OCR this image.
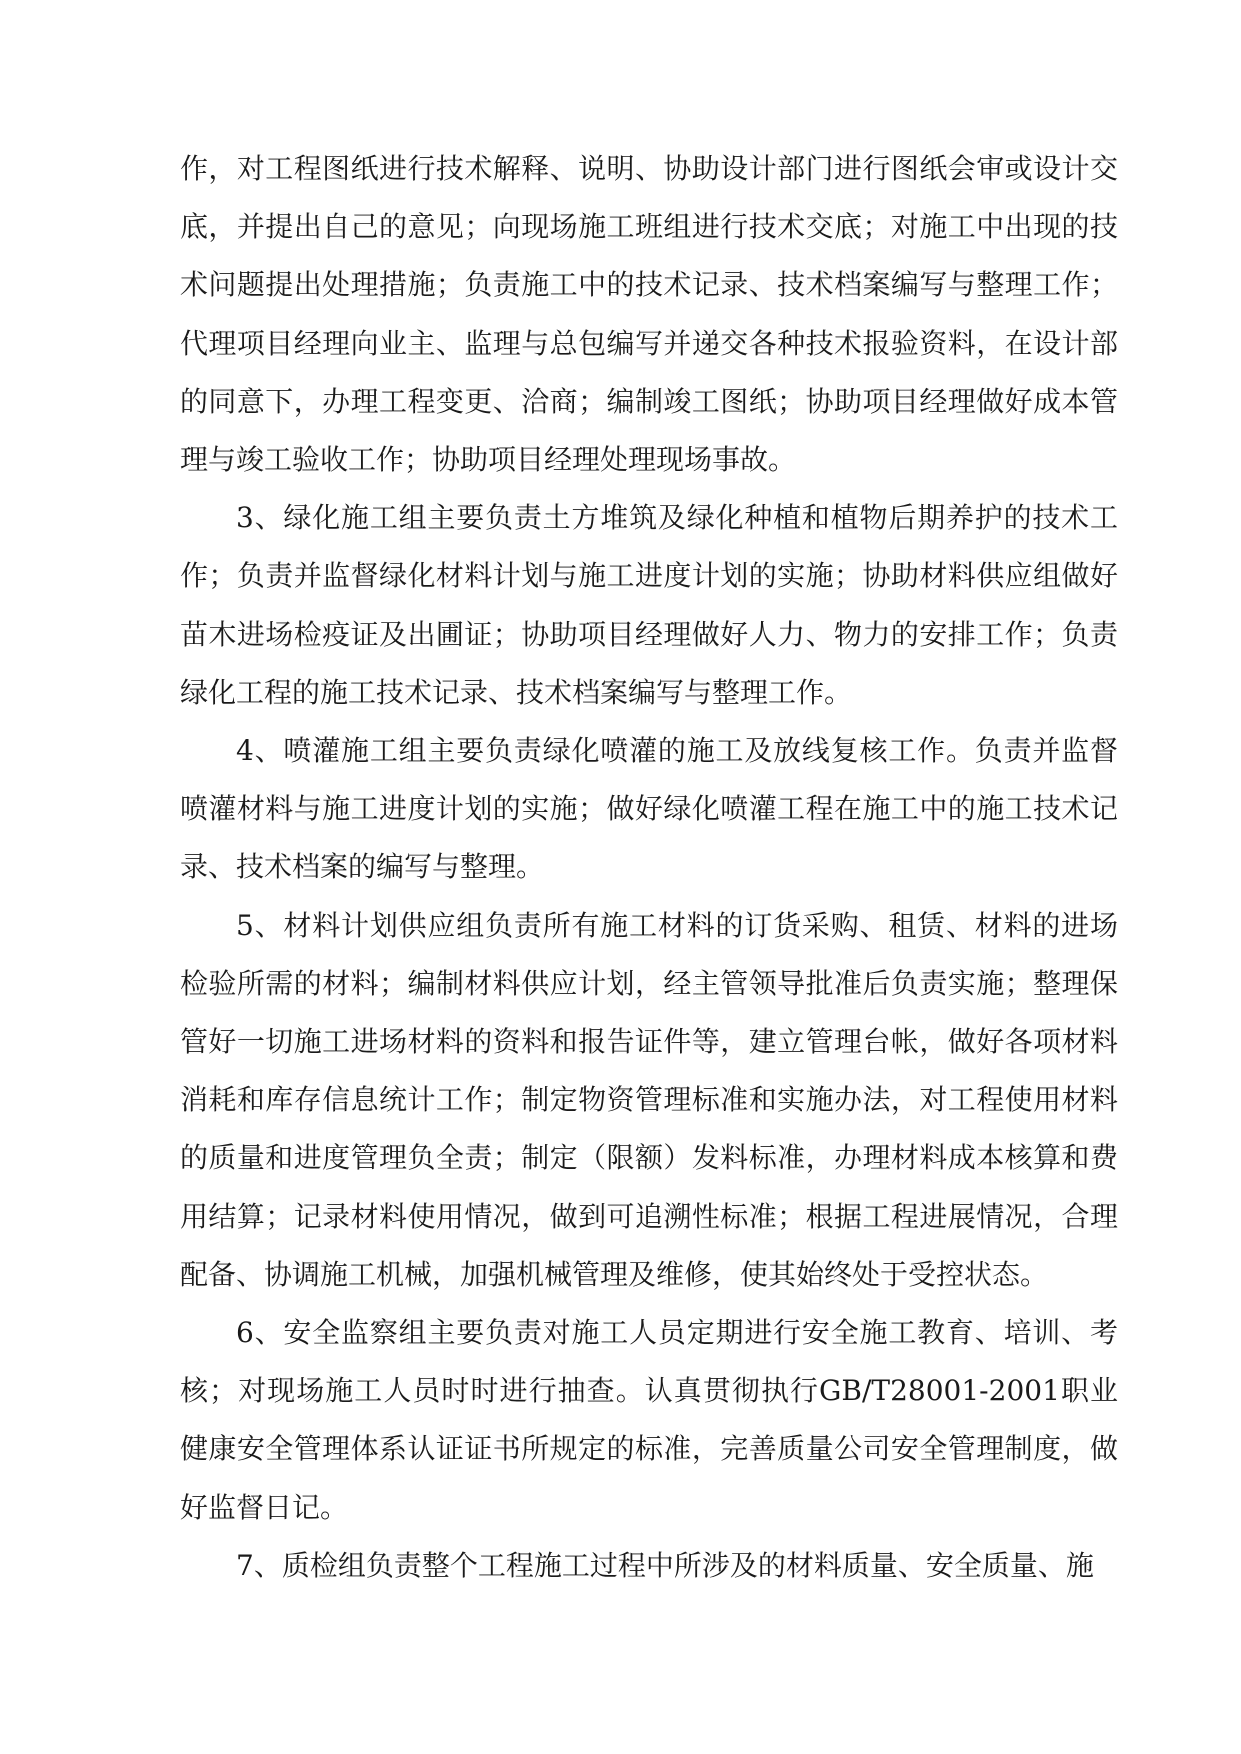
作，对工程图纸进行技术解释、说明、协助设计部门进行图纸会审或设计交底，并提出自己的意见；向现场施工班组进行技术交底；对施工中出现的技术问题提出处理措施；负责施工中的技术记录、技术档案编写与整理工作；代理项目经理向业主、监理与总包编写并递交各种技术报验资料，在设计部的同意下，办理工程变更、洽商；编制竣工图纸；协助项目经理做好成本管理与竣工验收工作；协助项目经理处理现场事故。

3、绿化施工组主要负责土方堆筑及绿化种植和植物后期养护的技术工作；负责并监督绿化材料计划与施工进度计划的实施；协助材料供应组做好苗木进场检疫证及出圃证；协助项目经理做好人力、物力的安排工作；负责绿化工程的施工技术记录、技术档案编写与整理工作。

4、喷灌施工组主要负责绿化喷灌的施工及放线复核工作。负责并监督喷灌材料与施工进度计划的实施；做好绿化喷灌工程在施工中的施工技术记录、技术档案的编写与整理。

5、材料计划供应组负责所有施工材料的订货采购、租赁、材料的进场检验所需的材料；编制材料供应计划，经主管领导批准后负责实施；整理保管好一切施工进场材料的资料和报告证件等，建立管理台帐，做好各项材料消耗和库存信息统计工作；制定物资管理标准和实施办法，对工程使用材料的质量和进度管理负全责；制定（限额）发料标准，办理材料成本核算和费用结算；记录材料使用情况，做到可追溯性标准；根据工程进展情况，合理配备、协调施工机械，加强机械管理及维修，使其始终处于受控状态。

6、安全监察组主要负责对施工人员定期进行安全施工教育、培训、考核；对现场施工人员时时进行抽查。认真贯彻执行GB/T28001-2001职业健康安全管理体系认证证书所规定的标准，完善质量公司安全管理制度，做好监督日记。

7、质检组负责整个工程施工过程中所涉及的材料质量、安全质量、施
